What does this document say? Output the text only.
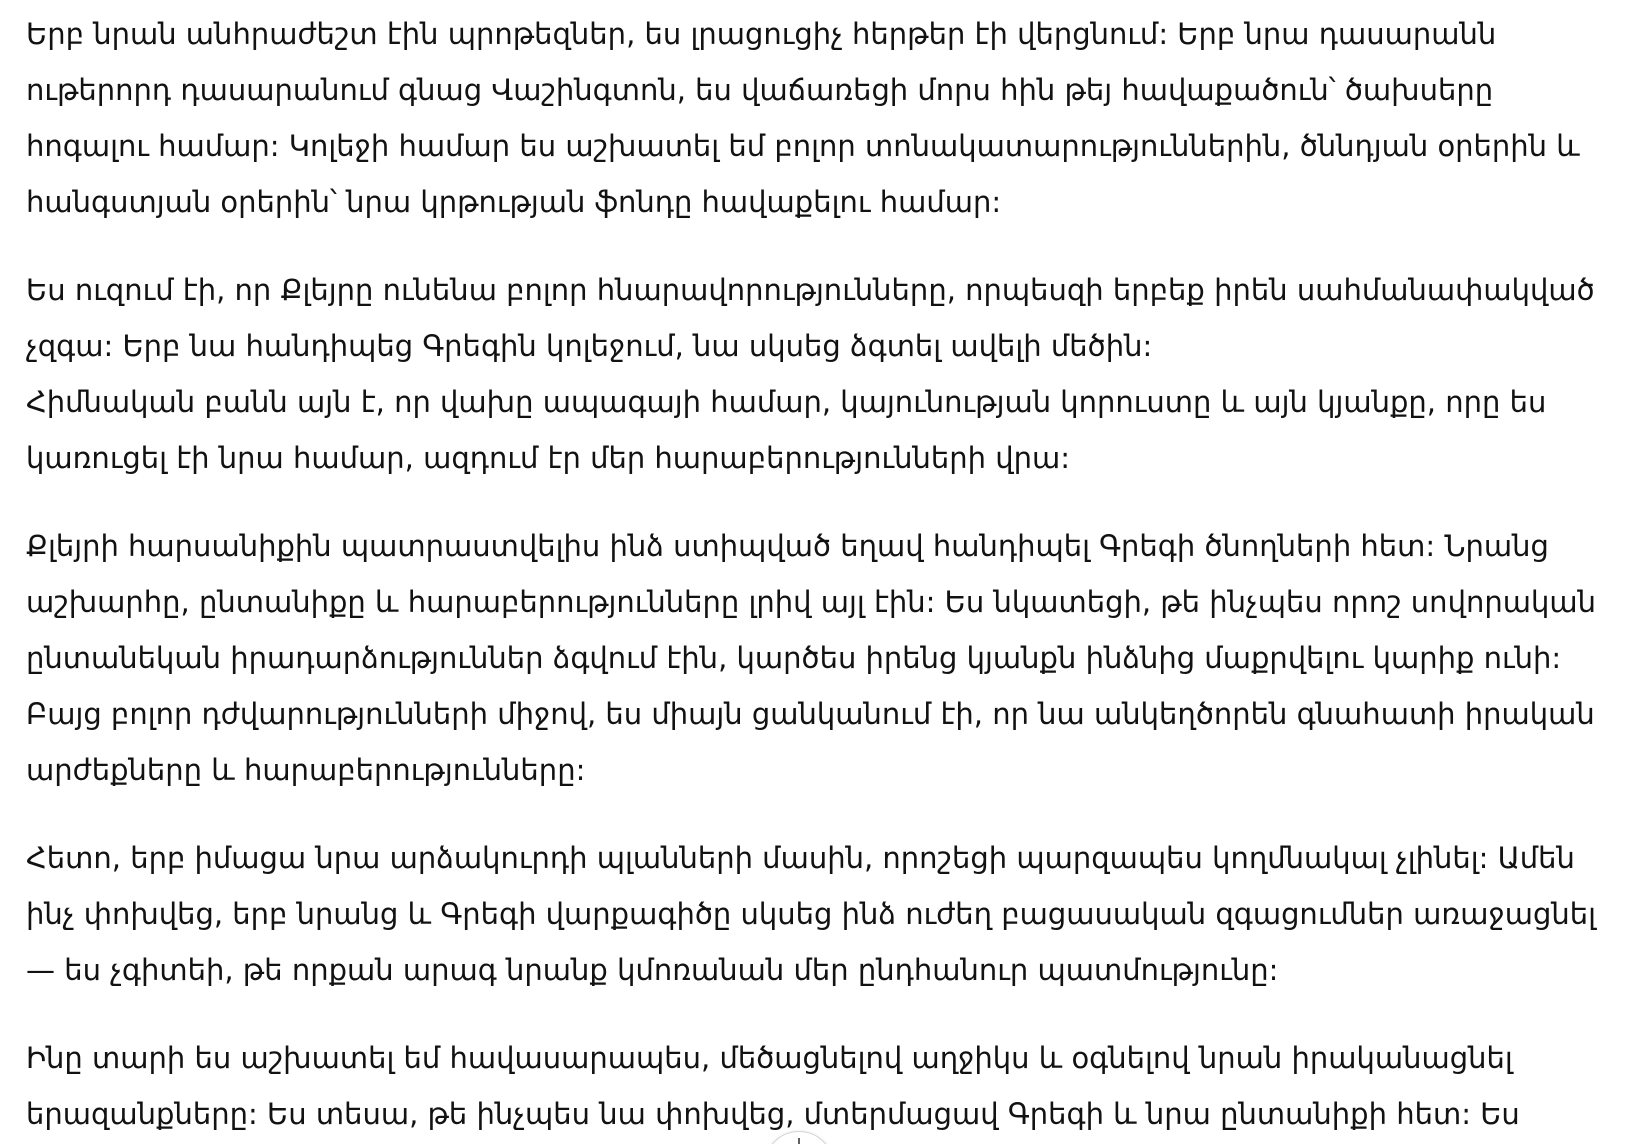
Երբ նրան անհրաժեշտ էին պրոթեզներ, ես լրացուցիչ հերթեր էի վերցնում: Երբ նրա դասարանն
ութերորդ դասարանում գնաց Վաշինգտոն, ես վաճառեցի մորս հին թեյ հավաքածուն՝ ծախսերը
հոգալու համար: Կոլեջի համար ես աշխատել եմ բոլոր տոնակատարություններին, ծննդյան օրերին և
հանգստյան օրերին՝ նրա կրթության ֆոնդը հավաքելու համար:

Ես ուզում էի, որ Քլեյրը ունենա բոլոր հնարավորությունները, որպեսզի երբեք իրեն սահմանափակված
չզգա: Երբ նա հանդիպեց Գրեգին կոլեջում, նա սկսեց ձգտել ավելի մեծին:
Հիմնական բանն այն է, որ վախը ապագայի համար, կայունության կորուստը և այն կյանքը, որը ես
կառուցել էի նրա համար, ազդում էր մեր հարաբերությունների վրա:

Քլեյրի հարսանիքին պատրաստվելիս ինձ ստիպված եղավ հանդիպել Գրեգի ծնողների հետ: Նրանց
աշխարհը, ընտանիքը և հարաբերությունները լրիվ այլ էին: Ես նկատեցի, թե ինչպես որոշ սովորական
ընտանեկան իրադարձություններ ձգվում էին, կարծես իրենց կյանքն ինձնից մաքրվելու կարիք ունի:
Բայց բոլոր դժվարությունների միջով, ես միայն ցանկանում էի, որ նա անկեղծորեն գնահատի իրական
արժեքները և հարաբերությունները:

Հետո, երբ իմացա նրա արձակուրդի պլանների մասին, որոշեցի պարզապես կողմնակալ չլինել: Ամեն
ինչ փոխվեց, երբ նրանց և Գրեգի վարքագիծը սկսեց ինձ ուժեղ բացասական զգացումներ առաջացնել
— ես չգիտեի, թե որքան արագ նրանք կմոռանան մեր ընդհանուր պատմությունը:

Ինը տարի ես աշխատել եմ հավասարապես, մեծացնելով աղջիկս և օգնելով նրան իրականացնել
երազանքները: Ես տեսա, թե ինչպես նա փոխվեց, մտերմացավ Գրեգի և նրա ընտանիքի հետ: Ես
